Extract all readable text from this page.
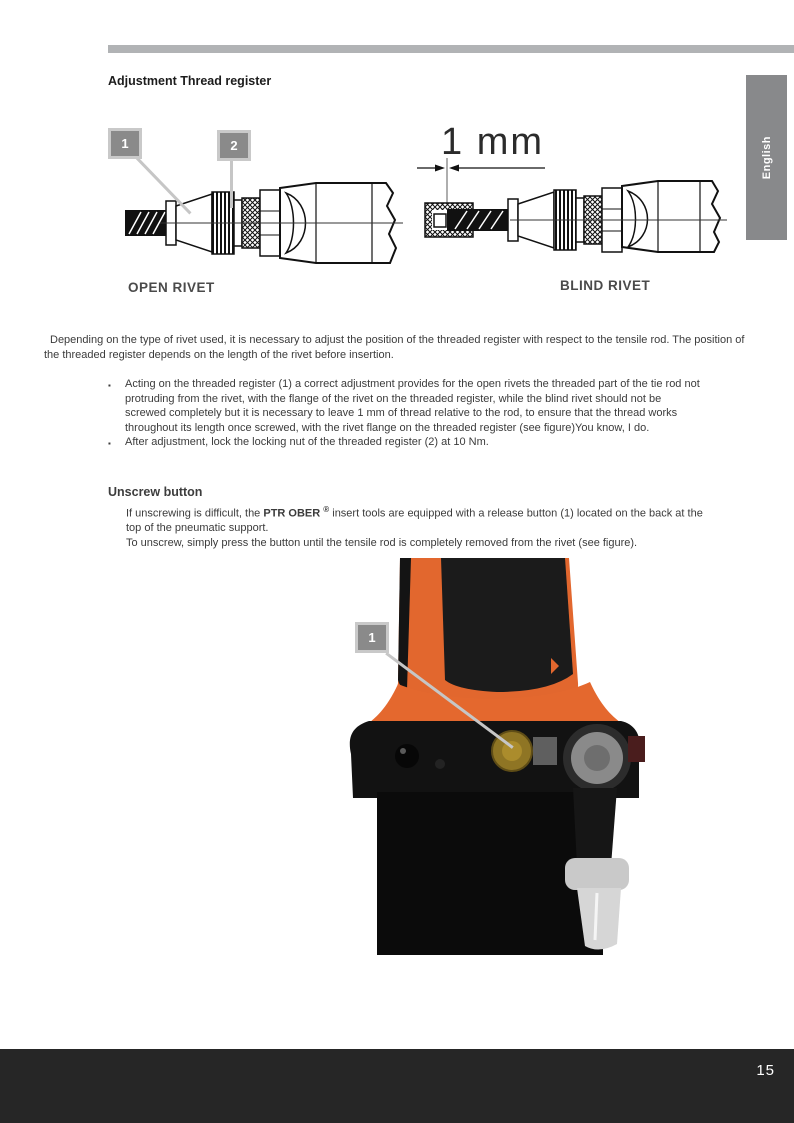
Adjustment Thread register
English
1	2	1 mm
OPEN RIVET	BLIND RIVET

Depending on the type of rivet used, it is necessary to adjust the position of the threaded register with respect to the tensile rod. The position of the threaded register depends on the length of the rivet before insertion.

▪	Acting on the threaded register (1) a correct adjustment provides for the open rivets the threaded part of the tie rod not protruding from the rivet, with the flange of the rivet on the threaded register, while the blind rivet should not be screwed completely but it is necessary to leave 1 mm of thread relative to the rod, to ensure that the thread works throughout its length once screwed, with the rivet flange on the threaded register (see figure)You know, I do.
▪	After adjustment, lock the locking nut of the threaded register (2) at 10 Nm.
Unscrew button
If unscrewing is difficult, the PTR OBER ® insert tools are equipped with a release button (1) located on the back at the top of the pneumatic support.
To unscrew, simply press the button until the tensile rod is completely removed from the rivet (see figure).
1
15
